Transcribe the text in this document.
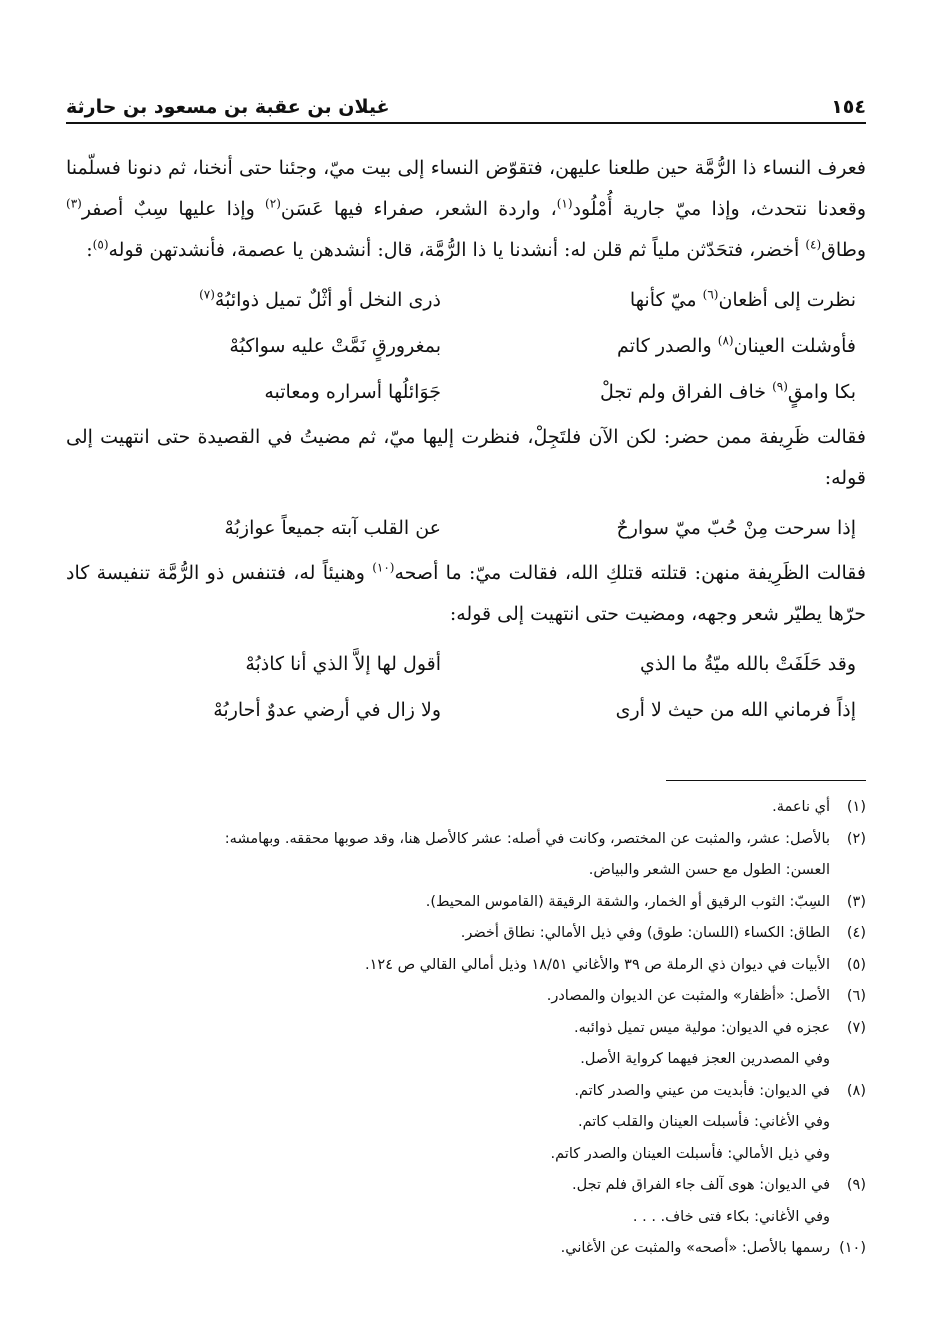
١٥٤
غيلان بن عقبة بن مسعود بن حارثة

فعرف النساء ذا الرُّمَّة حين طلعنا عليهن، فتقوّض النساء إلى بيت ميّ، وجئنا حتى أنخنا، ثم دنونا فسلّمنا وقعدنا نتحدث، وإذا ميّ جارية أُمْلُود$^{(١)}$، واردة الشعر، صفراء فيها عَسَن$^{(٢)}$ وإذا عليها سِبٌ أصفر$^{(٣)}$ وطاق$^{(٤)}$ أخضر، فتحَدّثن ملياً ثم قلن له: أنشدنا يا ذا الرُّمَّة، قال: أنشدهن يا عصمة، فأنشدتهن قوله$^{(٥)}$:

نظرت إلى أظعان$^{(٦)}$ ميّ كأنها
ذرى النخل أو أثْلٌ تميل ذوائبُهْ$^{(٧)}$
فأوشلت العينان$^{(٨)}$ والصدر كاتم
بمغرورقٍ نَمَّتْ عليه سواكبُهْ
بكا وامقٍ$^{(٩)}$ خاف الفراق ولم تجلْ
جَوَائلُها أسراره ومعاتبه

فقالت ظَرِيفة ممن حضر: لكن الآن فلتَجِلْ، فنظرت إليها ميّ، ثم مضيتُ في القصيدة حتى انتهيت إلى قوله:

إذا سرحت مِنْ حُبّ ميّ سوارحٌ
عن القلب آبته جميعاً عوازبُهْ

فقالت الظَرِيفة منهن: قتلته قتلكِ الله، فقالت ميّ: ما أصحه$^{(١٠)}$ وهنيئاً له، فتنفس ذو الرُّمَّة تنفيسة كاد حرّها يطيّر شعر وجهه، ومضيت حتى انتهيت إلى قوله:

وقد حَلَفَتْ بالله ميّةُ ما الذي
أقول لها إلاَّ الذي أنا كاذبُهْ
إذاً فرماني الله من حيث لا أرى
ولا زال في أرضي عدوٌ أحاربُهْ
(١)
أي ناعمة.
(٢)
بالأصل: عشر، والمثبت عن المختصر، وكانت في أصله: عشر كالأصل هنا، وقد صوبها محققه. وبهامشه:
العسن: الطول مع حسن الشعر والبياض.
(٣)
السِبّ: الثوب الرقيق أو الخمار، والشقة الرقيقة (القاموس المحيط).
(٤)
الطاق: الكساء (اللسان: طوق) وفي ذيل الأمالي: نطاق أخضر.
(٥)
الأبيات في ديوان ذي الرملة ص ٣٩ والأغاني ١٨/٥١ وذيل أمالي القالي ص ١٢٤.
(٦)
الأصل: «أظفار» والمثبت عن الديوان والمصادر.
(٧)
عجزه في الديوان: مولية ميس تميل ذوائبه.
وفي المصدرين العجز فيهما كرواية الأصل.
(٨)
في الديوان: فأبديت من عيني والصدر كاتم.
وفي الأغاني: فأسبلت العينان والقلب كاتم.
وفي ذيل الأمالي: فأسبلت العينان والصدر كاتم.
(٩)
في الديوان: هوى آلف جاء الفراق فلم تجل.
وفي الأغاني: بكاء فتى خاف. . . .
(١٠)
رسمها بالأصل: «أصحه» والمثبت عن الأغاني.
